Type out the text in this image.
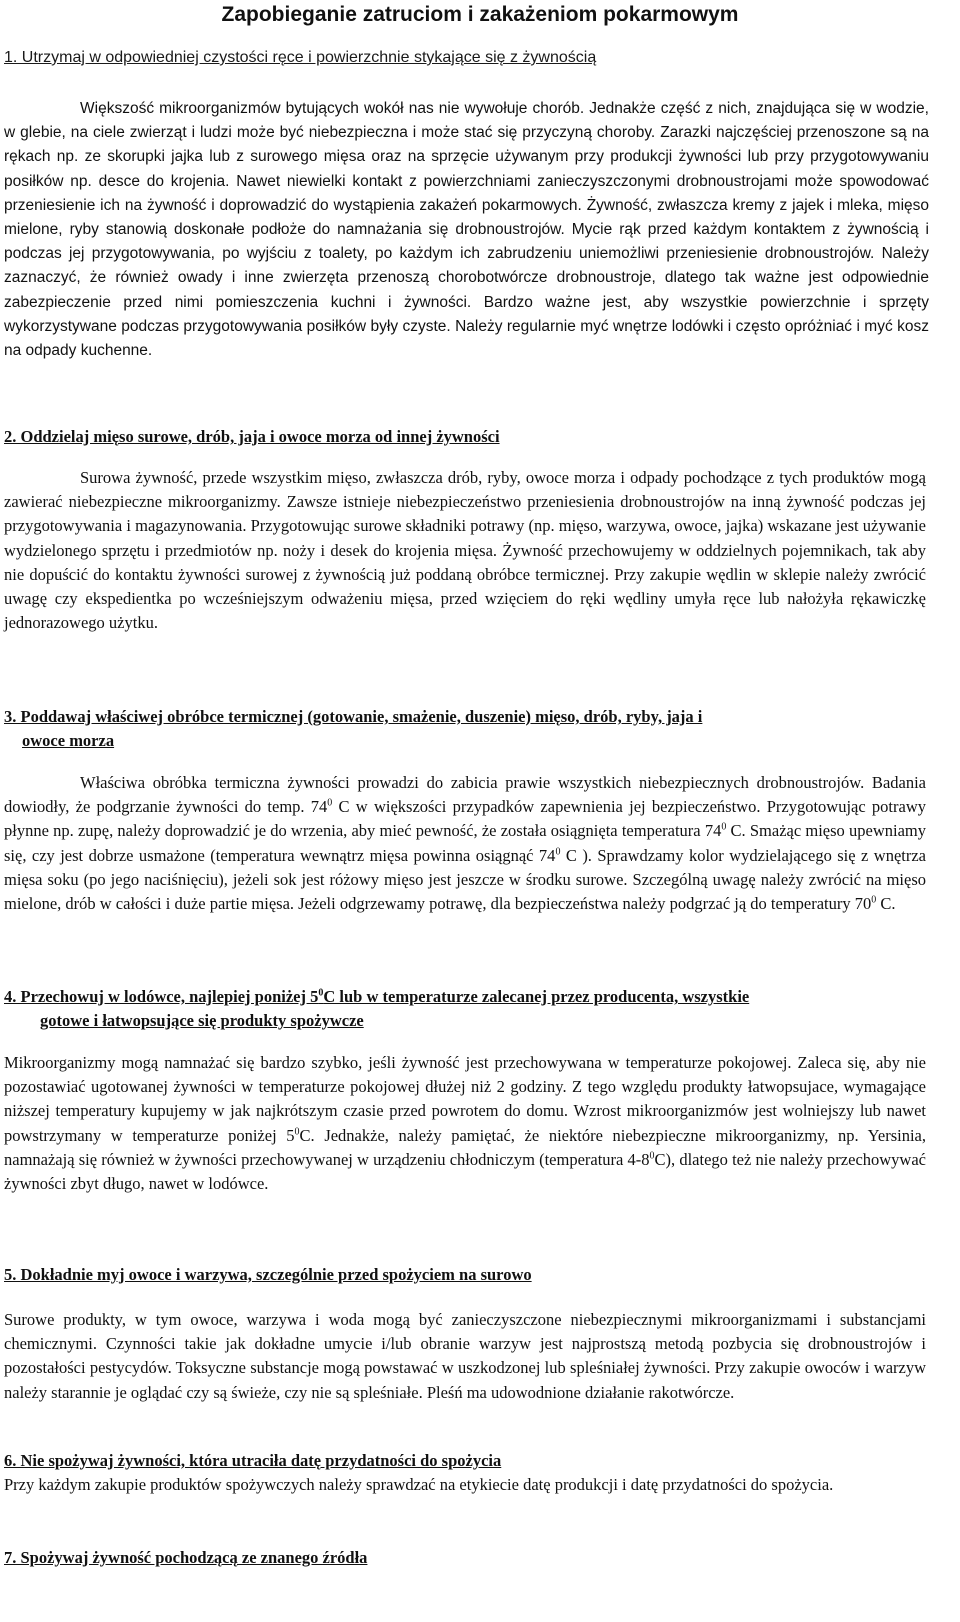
Zapobieganie zatruciom i zakażeniom pokarmowym
1. Utrzymaj w odpowiedniej czystości ręce i powierzchnie stykające się z żywnością

Większość mikroorganizmów bytujących wokół nas nie wywołuje chorób. Jednakże część z nich, znajdująca się w wodzie, w glebie, na ciele zwierząt i ludzi może być niebezpieczna i może stać się przyczyną choroby. Zarazki najczęściej przenoszone są na rękach np. ze skorupki jajka lub z surowego mięsa oraz na sprzęcie używanym przy produkcji żywności lub przy przygotowywaniu posiłków np. desce do krojenia. Nawet niewielki kontakt z powierzchniami zanieczyszczonymi drobnoustrojami może spowodować przeniesienie ich na żywność i doprowadzić do wystąpienia zakażeń pokarmowych. Żywność, zwłaszcza kremy z jajek i mleka, mięso mielone, ryby stanowią doskonałe podłoże do namnażania się drobnoustrojów. Mycie rąk przed każdym kontaktem z żywnością i podczas jej przygotowywania, po wyjściu z toalety, po każdym ich zabrudzeniu uniemożliwi przeniesienie drobnoustrojów. Należy zaznaczyć, że również owady i inne zwierzęta przenoszą chorobotwórcze drobnoustroje, dlatego tak ważne jest odpowiednie zabezpieczenie przed nimi pomieszczenia kuchni i żywności. Bardzo ważne jest, aby wszystkie powierzchnie i sprzęty wykorzystywane podczas przygotowywania posiłków były czyste. Należy regularnie myć wnętrze lodówki i często opróżniać i myć kosz na odpady kuchenne.

2. Oddzielaj mięso surowe, drób, jaja i owoce morza od innej żywności

Surowa żywność, przede wszystkim mięso, zwłaszcza drób, ryby, owoce morza i odpady pochodzące z tych produktów mogą zawierać niebezpieczne mikroorganizmy. Zawsze istnieje niebezpieczeństwo przeniesienia drobnoustrojów na inną żywność podczas jej przygotowywania i magazynowania. Przygotowując surowe składniki potrawy (np. mięso, warzywa, owoce, jajka) wskazane jest używanie wydzielonego sprzętu i przedmiotów np. noży i desek do krojenia mięsa. Żywność przechowujemy w oddzielnych pojemnikach, tak aby nie dopuścić do kontaktu żywności surowej z żywnością już poddaną obróbce termicznej. Przy zakupie wędlin w sklepie należy zwrócić uwagę czy ekspedientka po wcześniejszym odważeniu mięsa, przed wzięciem do ręki wędliny umyła ręce lub nałożyła rękawiczkę jednorazowego użytku.

3. Poddawaj właściwej obróbce termicznej (gotowanie, smażenie, duszenie) mięso, drób, ryby, jaja i
owoce morza

Właściwa obróbka termiczna żywności prowadzi do zabicia prawie wszystkich niebezpiecznych drobnoustrojów. Badania dowiodły, że podgrzanie żywności do temp. $74^0$ C w większości przypadków zapewnienia jej bezpieczeństwo. Przygotowując potrawy płynne np. zupę, należy doprowadzić je do wrzenia, aby mieć pewność, że została osiągnięta temperatura $74^0$ C. Smażąc mięso upewniamy się, czy jest dobrze usmażone (temperatura wewnątrz mięsa powinna osiągnąć $74^0$ C ). Sprawdzamy kolor wydzielającego się z wnętrza mięsa soku (po jego naciśnięciu), jeżeli sok jest różowy mięso jest jeszcze w środku surowe. Szczególną uwagę należy zwrócić na mięso mielone, drób w całości i duże partie mięsa. Jeżeli odgrzewamy potrawę, dla bezpieczeństwa należy podgrzać ją do temperatury $70^0$ C.

4. Przechowuj w lodówce, najlepiej poniżej $5^0C$ lub w temperaturze zalecanej przez producenta, wszystkie
gotowe i łatwopsujące się produkty spożywcze

Mikroorganizmy mogą namnażać się bardzo szybko, jeśli żywność jest przechowywana w temperaturze pokojowej. Zaleca się, aby nie pozostawiać ugotowanej żywności w temperaturze pokojowej dłużej niż 2 godziny. Z tego względu produkty łatwopsujace, wymagające niższej temperatury kupujemy w jak najkrótszym czasie przed powrotem do domu. Wzrost mikroorganizmów jest wolniejszy lub nawet powstrzymany w temperaturze poniżej $5^0C$. Jednakże, należy pamiętać, że niektóre niebezpieczne mikroorganizmy, np. Yersinia, namnażają się również w żywności przechowywanej w urządzeniu chłodniczym (temperatura $4-8^0C$), dlatego też nie należy przechowywać żywności zbyt długo, nawet w lodówce.

5. Dokładnie myj owoce i warzywa, szczególnie przed spożyciem na surowo

Surowe produkty, w tym owoce, warzywa i woda mogą być zanieczyszczone niebezpiecznymi mikroorganizmami i substancjami chemicznymi. Czynności takie jak dokładne umycie i/lub obranie warzyw jest najprostszą metodą pozbycia się drobnoustrojów i pozostałości pestycydów. Toksyczne substancje mogą powstawać w uszkodzonej lub spleśniałej żywności. Przy zakupie owoców i warzyw należy starannie je oglądać czy są świeże, czy nie są spleśniałe. Pleśń ma udowodnione działanie rakotwórcze.

6. Nie spożywaj żywności, która utraciła datę przydatności do spożycia

Przy każdym zakupie produktów spożywczych należy sprawdzać na etykiecie datę produkcji i datę przydatności do spożycia.

7. Spożywaj żywność pochodzącą ze znanego źródła
